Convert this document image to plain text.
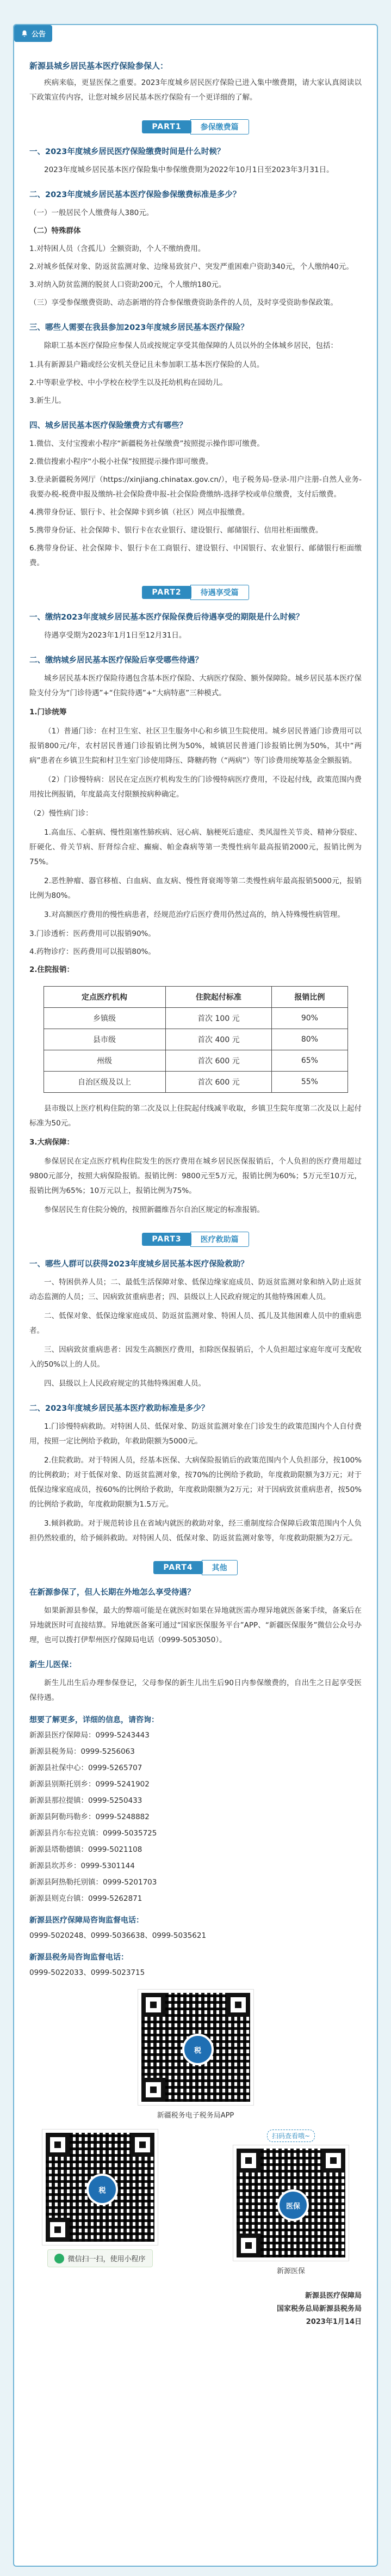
公告
新源县城乡居民基本医疗保险参保人：

疾病来临，更显医保之重要。2023年度城乡居民医疗保险已进入集中缴费期，请大家认真阅读以下政策宣传内容，让您对城乡居民基本医疗保险有一个更详细的了解。

PART1	参保缴费篇
一、2023年度城乡居民医疗保险缴费时间是什么时候？

2023年度城乡居民基本医疗保险集中参保缴费期为2022年10月1日至2023年3月31日。

二、2023年度城乡居民基本医疗保险参保缴费标准是多少？

（一）一般居民个人缴费每人380元。

（二）特殊群体

1.对特困人员（含孤儿）全额资助，个人不缴纳费用。

2.对城乡低保对象、防返贫监测对象、边缘易致贫户、突发严重困难户资助340元，个人缴纳40元。

3.对纳入防贫监测的脱贫人口资助200元，个人缴纳180元。

（三）享受参保缴费资助、动态新增的符合参保缴费资助条件的人员，及时享受资助参保政策。

三、哪些人需要在我县参加2023年度城乡居民基本医疗保险？

除职工基本医疗保险应参保人员或按规定享受其他保障的人员以外的全体城乡居民，包括：

1.具有新源县户籍或经公安机关登记且未参加职工基本医疗保险的人员。

2.中等职业学校、中小学校在校学生以及托幼机构在园幼儿。

3.新生儿。

四、城乡居民基本医疗保险缴费方式有哪些？

1.微信、支付宝搜索小程序“新疆税务社保缴费”按照提示操作即可缴费。

2.微信搜索小程序“小税小社保”按照提示操作即可缴费。

3.登录新疆税务网厅（https://xinjiang.chinatax.gov.cn/），电子税务局-登录-用户注册-自然人业务-我要办税-税费申报及缴纳-社会保险费申报-社会保险费缴纳-选择学校或单位缴费，支付后缴费。

4.携带身份证、银行卡、社会保障卡到乡镇（社区）网点申报缴费。

5.携带身份证、社会保障卡、银行卡在农业银行、建设银行、邮储银行、信用社柜面缴费。

6.携带身份证、社会保障卡、银行卡在工商银行、建设银行、中国银行、农业银行、邮储银行柜面缴费。

PART2	待遇享受篇
一、缴纳2023年度城乡居民基本医疗保险保费后待遇享受的期限是什么时候？

待遇享受期为2023年1月1日至12月31日。

二、缴纳城乡居民基本医疗保险后享受哪些待遇？

城乡居民基本医疗保险待遇包含基本医疗保险、大病医疗保险、额外保障险。城乡居民基本医疗保险支付分为“门诊待遇”+“住院待遇”+“大病特惠”三种模式。

1.门诊统筹

（1）普通门诊：在村卫生室、社区卫生服务中心和乡镇卫生院使用。城乡居民普通门诊费用可以报销800元/年，农村居民普通门诊报销比例为50%，城镇居民普通门诊报销比例为50%，其中“两病”患者在乡镇卫生院和村卫生室门诊使用降压、降糖药物（“两病”）等门诊费用统筹基金全额报销。

（2）门诊慢特病：居民在定点医疗机构发生的门诊慢特病医疗费用，不设起付线，政策范围内费用按比例报销，年度最高支付限额按病种确定。

（2）慢性病门诊：

1.高血压、心脏病、慢性阻塞性肺疾病、冠心病、脑梗死后遗症、类风湿性关节炎、精神分裂症、肝硬化、骨关节病、肝肾综合症、癫痫、帕金森病等第一类慢性病年最高报销2000元，报销比例为75%。

2.恶性肿瘤、器官移植、白血病、血友病、慢性肾衰竭等第二类慢性病年最高报销5000元，报销比例为80%。

3.对高额医疗费用的慢性病患者，经规范治疗后医疗费用仍然过高的，纳入特殊慢性病管理。

3.门诊透析：医药费用可以报销90%。

4.药物诊疗：医药费用可以报销80%。

2.住院报销：

定点医疗机构	住院起付标准	报销比例
乡镇级	首次 100 元	90%
县市级	首次 400 元	80%
州级	首次 600 元	65%
自治区级及以上	首次 600 元	55%

县市级以上医疗机构住院的第二次及以上住院起付线减半收取，乡镇卫生院年度第二次及以上起付标准为50元。

3.大病保障：

参保居民在定点医疗机构住院发生的医疗费用在城乡居民医保报销后，个人负担的医疗费用超过9800元部分，按照大病保险报销。报销比例：9800元至5万元，报销比例为60%；5万元至10万元，报销比例为65%；10万元以上，报销比例为75%。

参保居民生育住院分娩的，按照新疆维吾尔自治区规定的标准报销。

PART3	医疗救助篇
一、哪些人群可以获得2023年度城乡居民基本医疗保险救助？

一、特困供养人员；二、最低生活保障对象、低保边缘家庭成员、防返贫监测对象和纳入防止返贫动态监测的人员；三、因病致贫重病患者；四、县级以上人民政府规定的其他特殊困难人员。

二、低保对象、低保边缘家庭成员、防返贫监测对象、特困人员、孤儿及其他困难人员中的重病患者。

三、因病致贫重病患者：因发生高额医疗费用，扣除医保报销后，个人负担超过家庭年度可支配收入的50%以上的人员。

四、县级以上人民政府规定的其他特殊困难人员。

二、2023年度城乡居民基本医疗救助标准是多少？

1.门诊慢特病救助。对特困人员、低保对象、防返贫监测对象在门诊发生的政策范围内个人自付费用，按照一定比例给予救助，年救助限额为5000元。

2.住院救助。对于特困人员，经基本医保、大病保险报销后的政策范围内个人负担部分，按100%的比例救助；对于低保对象、防返贫监测对象，按70%的比例给予救助，年度救助限额为3万元；对于低保边缘家庭成员，按60%的比例给予救助，年度救助限额为2万元；对于因病致贫重病患者，按50%的比例给予救助，年度救助限额为1.5万元。

3.倾斜救助。对于规范转诊且在省域内就医的救助对象，经三重制度综合保障后政策范围内个人负担仍然较重的，给予倾斜救助。对特困人员、低保对象、防返贫监测对象等，年度救助限额为2万元。

PART4	其他
在新源参保了，但人长期在外地怎么享受待遇？

如果新源县参保，最大的弊端可能是在就医时如果在异地就医需办理异地就医备案手续，备案后在异地就医时可直接结算。异地就医备案可通过“国家医保服务平台”APP、“新疆医保服务”微信公众号办理，也可以拨打伊犁州医疗保障局电话（0999-5053050）。

新生儿医保：

新生儿出生后办理参保登记，父母参保的新生儿出生后90日内参保缴费的，自出生之日起享受医保待遇。

想要了解更多，详细的信息，请咨询：

新源县医疗保障局：0999-5243443

新源县税务局：0999-5256063

新源县社保中心：0999-5265707

新源县别斯托别乡：0999-5241902

新源县那拉提镇：0999-5250433

新源县阿勒玛勒乡：0999-5248882

新源县肖尔布拉克镇：0999-5035725

新源县塔勒德镇：0999-5021108

新源县坎苏乡：0999-5301144

新源县阿热勒托别镇：0999-5201703

新源县则克台镇：0999-5262871

新源县医疗保障局咨询监督电话：

0999-5020248、0999-5036638、0999-5035621

新源县税务局咨询监督电话：

0999-5022033、0999-5023715

税
新疆税务电子税务局APP
税
微信扫一扫，使用小程序
扫码查看哦~
医保
新源医保
新源县医疗保障局
国家税务总局新源县税务局
2023年1月14日
